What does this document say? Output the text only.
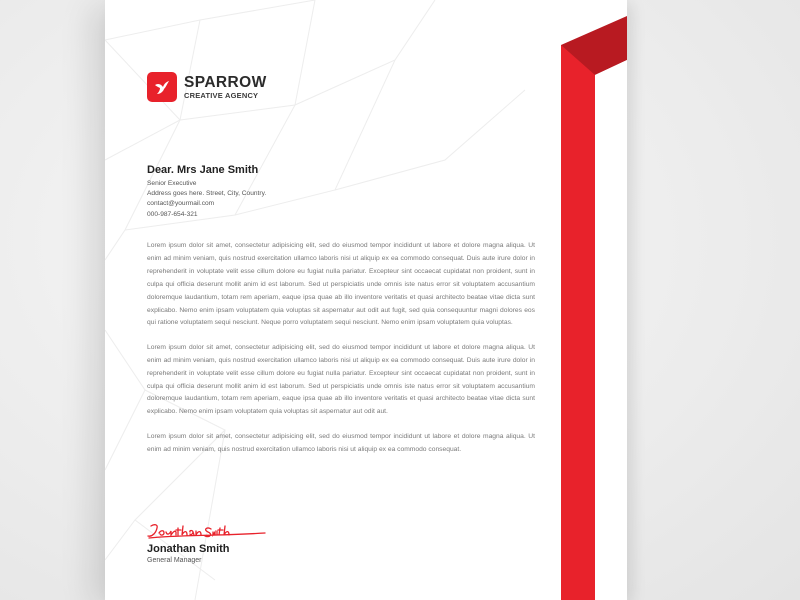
SPARROW
CREATIVE AGENCY
Dear. Mrs Jane Smith
Senior Executive
Address goes here. Street, City, Country.
contact@yourmail.com
000-987-654-321

Lorem ipsum dolor sit amet, consectetur adipisicing elit, sed do eiusmod tempor incididunt ut labore et dolore magna aliqua. Ut enim ad minim veniam, quis nostrud exercitation ullamco laboris nisi ut aliquip ex ea commodo consequat. Duis aute irure dolor in reprehenderit in voluptate velit esse cillum dolore eu fugiat nulla pariatur. Excepteur sint occaecat cupidatat non proident, sunt in culpa qui officia deserunt mollit anim id est laborum. Sed ut perspiciatis unde omnis iste natus error sit voluptatem accusantium doloremque laudantium, totam rem aperiam, eaque ipsa quae ab illo inventore veritatis et quasi architecto beatae vitae dicta sunt explicabo. Nemo enim ipsam voluptatem quia voluptas sit aspernatur aut odit aut fugit, sed quia consequuntur magni dolores eos qui ratione voluptatem sequi nesciunt. Neque porro voluptatem sequi nesciunt. Nemo enim ipsam voluptatem quia voluptas.

Lorem ipsum dolor sit amet, consectetur adipisicing elit, sed do eiusmod tempor incididunt ut labore et dolore magna aliqua. Ut enim ad minim veniam, quis nostrud exercitation ullamco laboris nisi ut aliquip ex ea commodo consequat. Duis aute irure dolor in reprehenderit in voluptate velit esse cillum dolore eu fugiat nulla pariatur. Excepteur sint occaecat cupidatat non proident, sunt in culpa qui officia deserunt mollit anim id est laborum. Sed ut perspiciatis unde omnis iste natus error sit voluptatem accusantium doloremque laudantium, totam rem aperiam, eaque ipsa quae ab illo inventore veritatis et quasi architecto beatae vitae dicta sunt explicabo. Nemo enim ipsam voluptatem quia voluptas sit aspernatur aut odit aut.

Lorem ipsum dolor sit amet, consectetur adipisicing elit, sed do eiusmod tempor incididunt ut labore et dolore magna aliqua. Ut enim ad minim veniam, quis nostrud exercitation ullamco laboris nisi ut aliquip ex ea commodo consequat.

Jonathan Smith
General Manager
